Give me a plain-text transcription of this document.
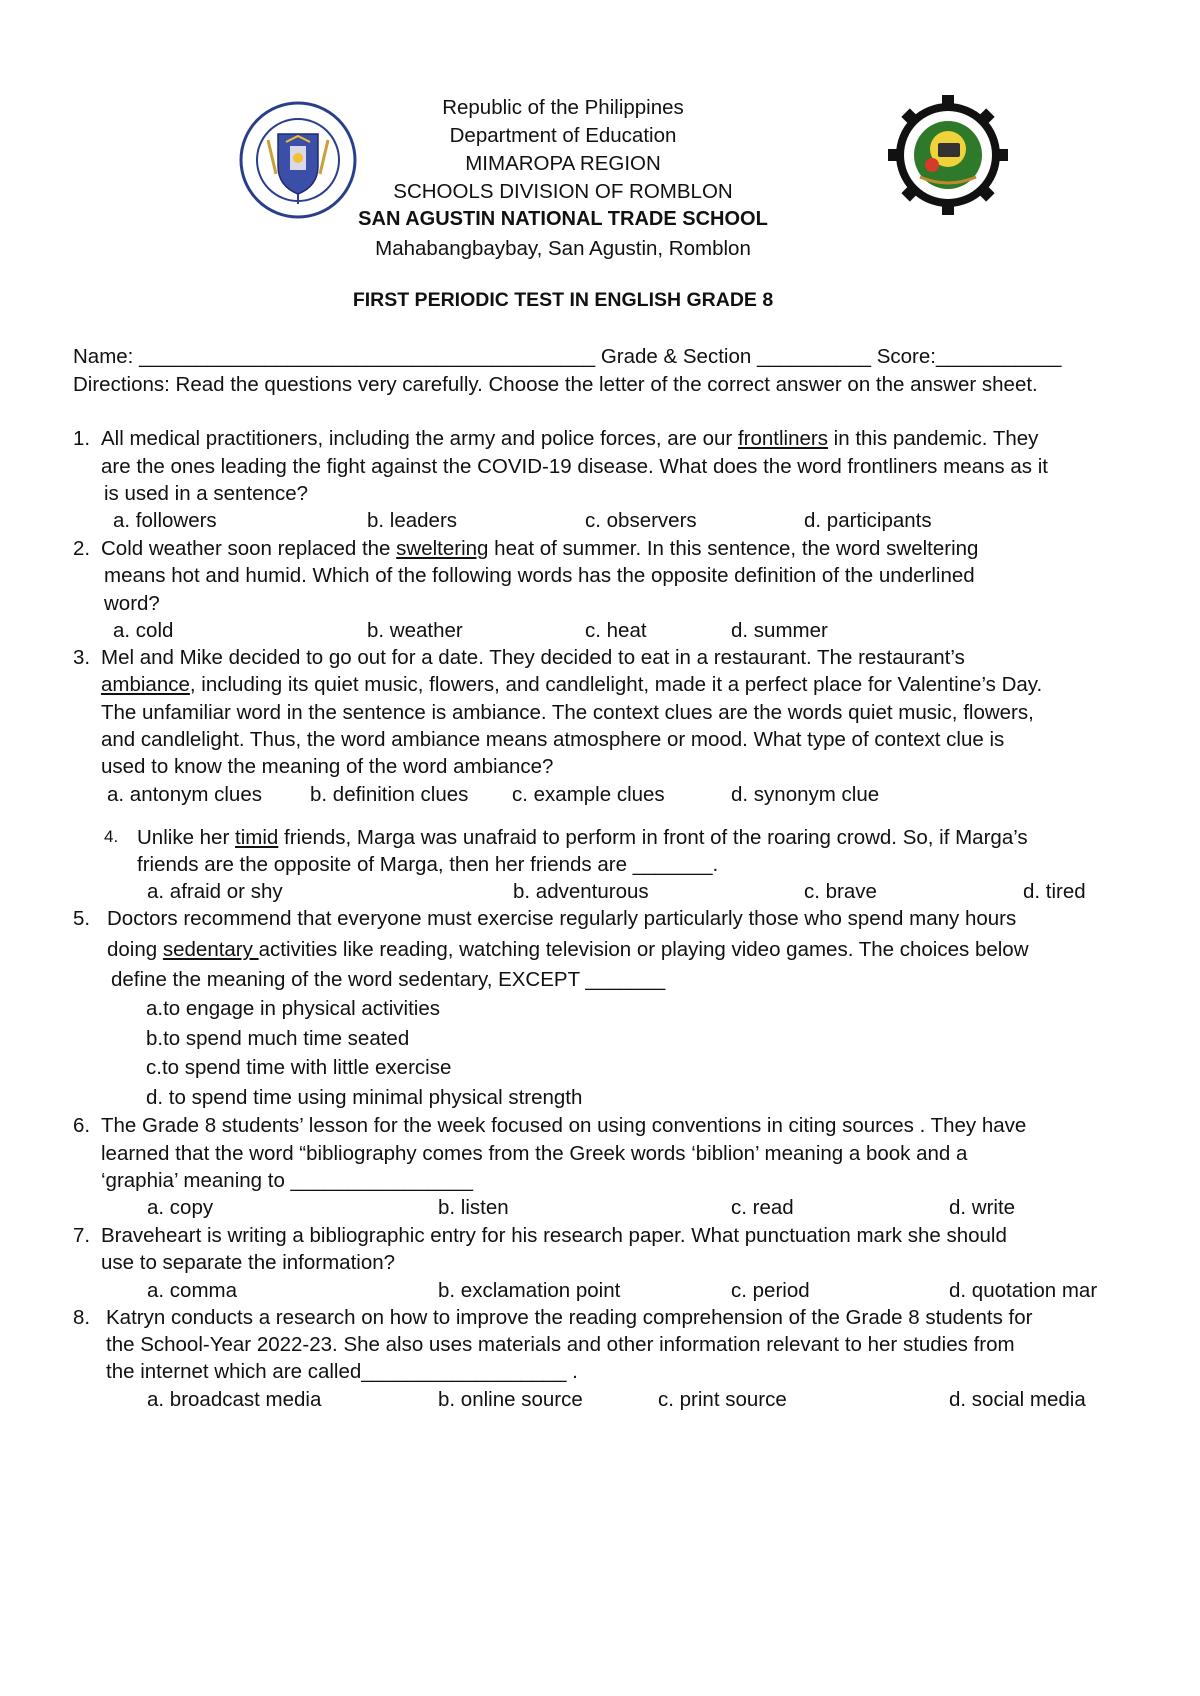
Republic of the Philippines
Department of Education
MIMAROPA REGION
SCHOOLS DIVISION OF ROMBLON
SAN AGUSTIN NATIONAL TRADE SCHOOL
Mahabangbaybay, San Agustin, Romblon
FIRST PERIODIC TEST IN ENGLISH GRADE 8
Name: ________________________________________ Grade & Section __________ Score:___________
Directions: Read the questions very carefully. Choose the letter of the correct answer on the answer sheet.
1. All medical practitioners, including the army and police forces, are our frontliners in this pandemic. They
are the ones leading the fight against the COVID-19 disease. What does the word frontliners means as it
is used in a sentence?
a. followers	b. leaders	c. observers	d. participants
2. Cold weather soon replaced the sweltering heat of summer. In this sentence, the word sweltering
means hot and humid. Which of the following words has the opposite definition of the underlined
word?
a. cold	b. weather	c. heat	d. summer
3. Mel and Mike decided to go out for a date. They decided to eat in a restaurant. The restaurant’s
ambiance, including its quiet music, flowers, and candlelight, made it a perfect place for Valentine’s Day.
The unfamiliar word in the sentence is ambiance. The context clues are the words quiet music, flowers,
and candlelight. Thus, the word ambiance means atmosphere or mood. What type of context clue is
used to know the meaning of the word ambiance?
a. antonym clues b. definition clues c. example clues	d. synonym clue
4. Unlike her timid friends, Marga was unafraid to perform in front of the roaring crowd. So, if Marga’s
friends are the opposite of Marga, then her friends are _______.
a. afraid or shy	b. adventurous	c. brave	d. tired
5. Doctors recommend that everyone must exercise regularly particularly those who spend many hours
doing sedentary activities like reading, watching television or playing video games. The choices below
define the meaning of the word sedentary, EXCEPT _______
a.to engage in physical activities
b.to spend much time seated
c.to spend time with little exercise
d. to spend time using minimal physical strength
6. The Grade 8 students’ lesson for the week focused on using conventions in citing sources . They have
learned that the word “bibliography comes from the Greek words ‘biblion’ meaning a book and a
‘graphia’ meaning to ________________
a. copy	b. listen	c. read	d. write
7. Braveheart is writing a bibliographic entry for his research paper. What punctuation mark she should
use to separate the information?
a. comma	b. exclamation point	c. period	d. quotation mar
8. Katryn conducts a research on how to improve the reading comprehension of the Grade 8 students for
the School-Year 2022-23. She also uses materials and other information relevant to her studies from
the internet which are called__________________ .
a. broadcast media	b. online source	c. print source	d. social media
